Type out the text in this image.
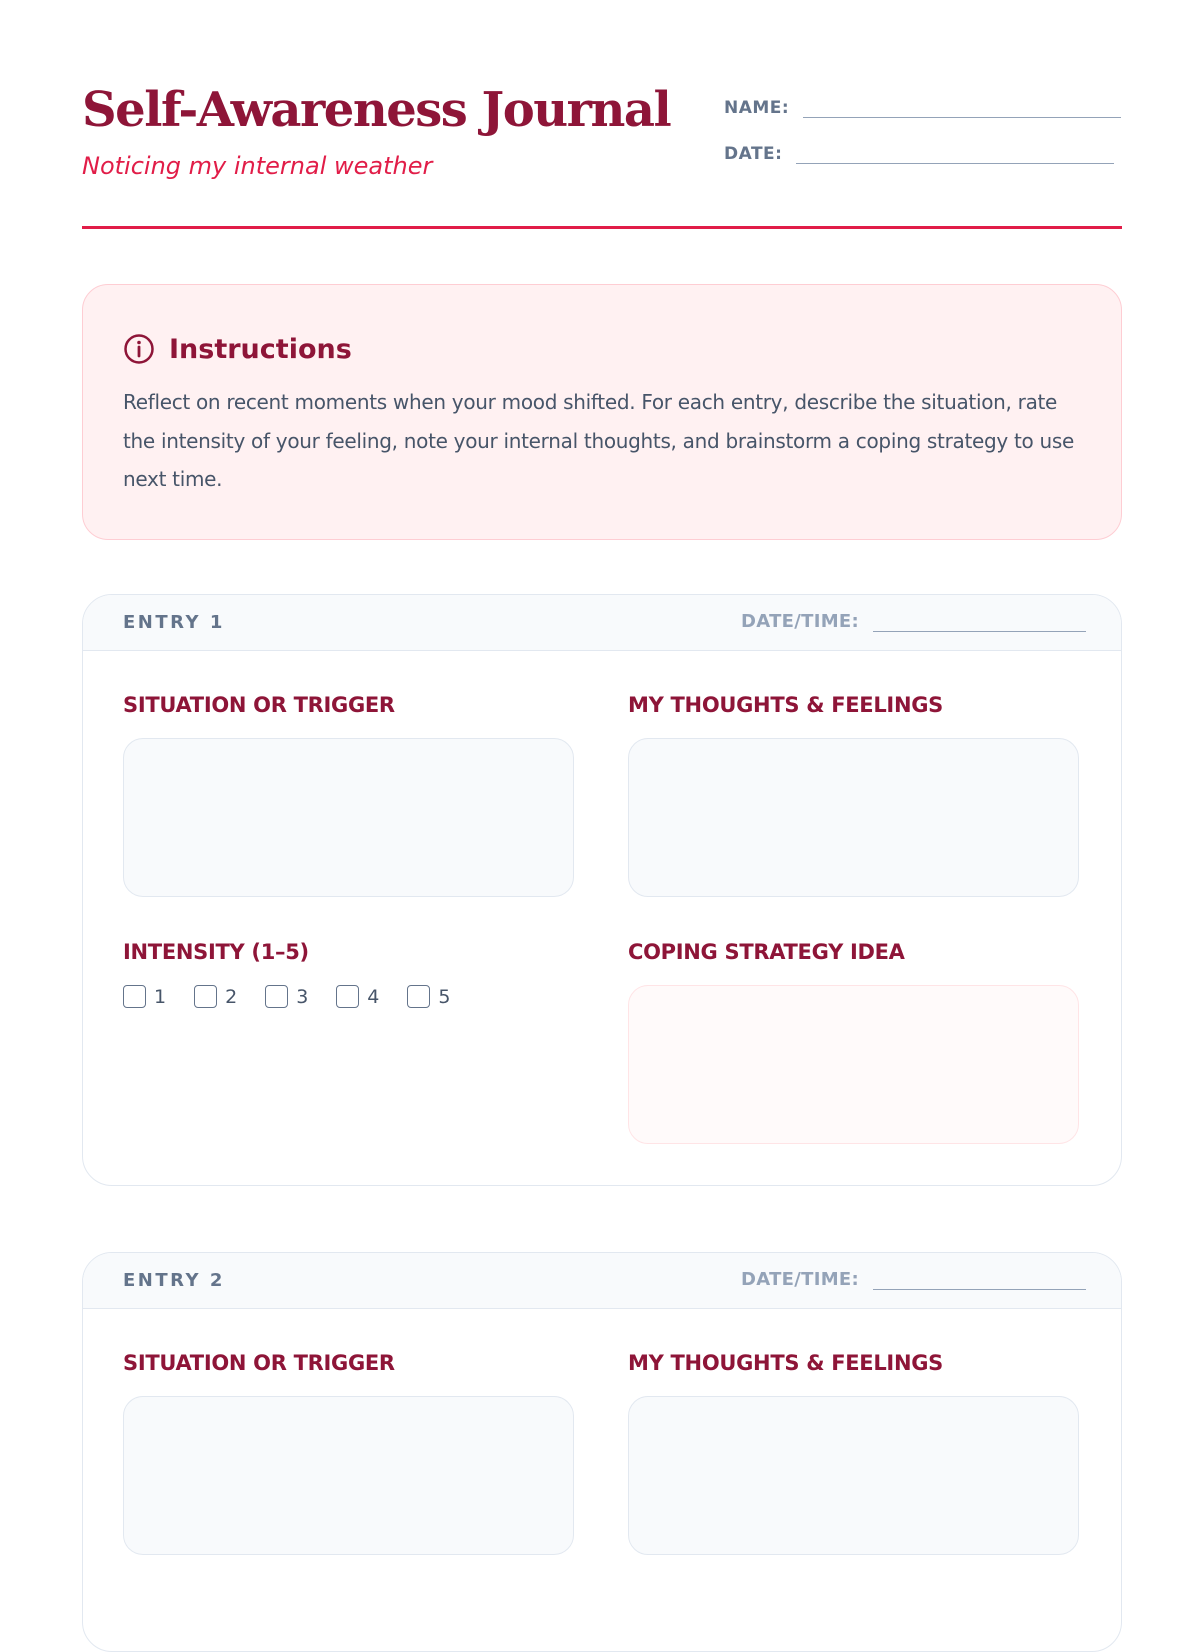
Self-Awareness Journal
Noticing my internal weather
NAME:
DATE:
Instructions
Reflect on recent moments when your mood shifted. For each entry, describe the situation, rate the intensity of your feeling, note your internal thoughts, and brainstorm a coping strategy to use next time.
ENTRY 1	DATE/TIME:
SITUATION OR TRIGGER	MY THOUGHTS & FEELINGS
INTENSITY (1–5)	COPING STRATEGY IDEA
1	2	3	4	5
ENTRY 2	DATE/TIME:
SITUATION OR TRIGGER	MY THOUGHTS & FEELINGS
